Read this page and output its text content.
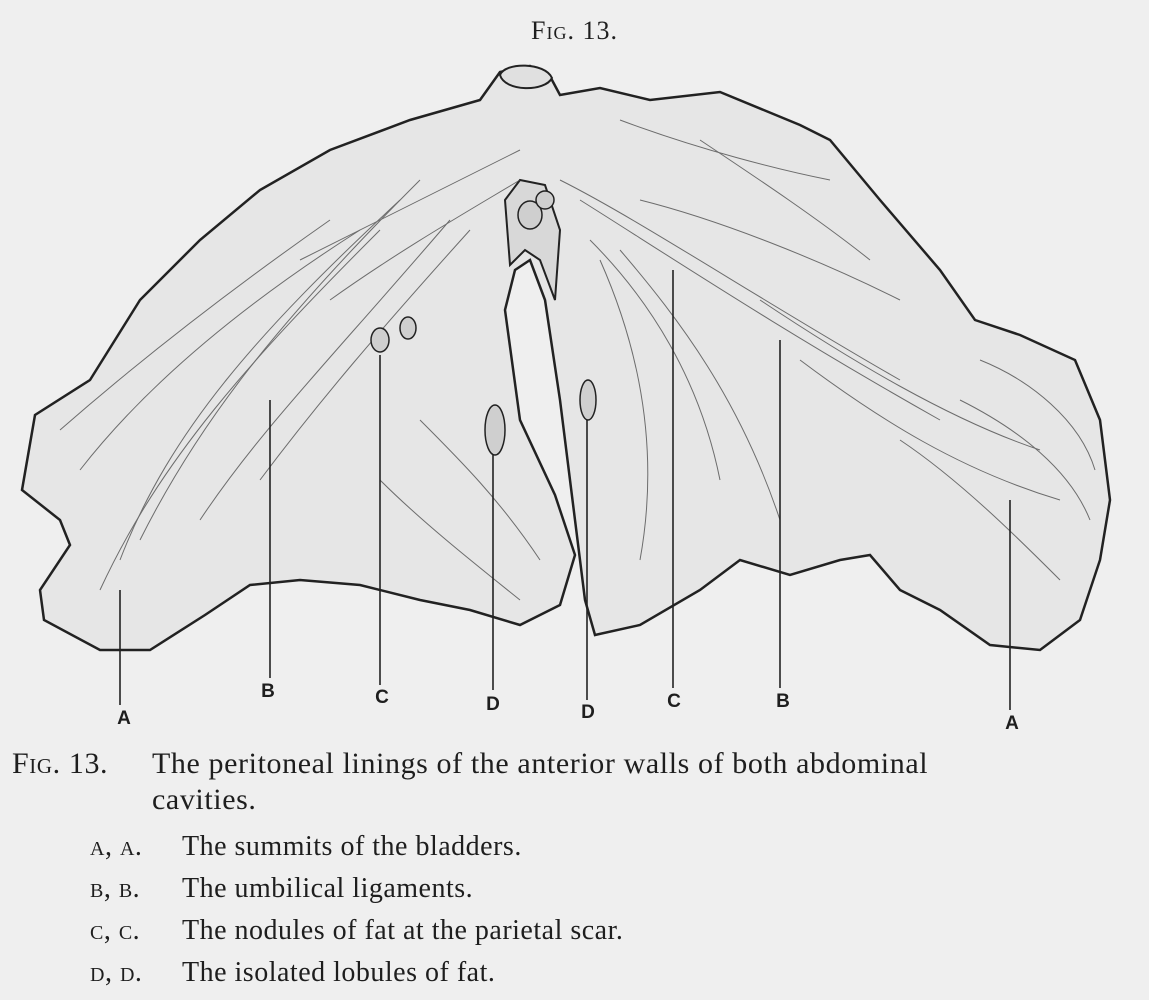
Fig. 13.
A
B	C	D	D
C	B
A
Fig. 13. The peritoneal linings of the anterior walls of both abdominal
cavities.
a, a. The summits of the bladders.
b, b. The umbilical ligaments.
c, c. The nodules of fat at the parietal scar.
d, d. The isolated lobules of fat.
